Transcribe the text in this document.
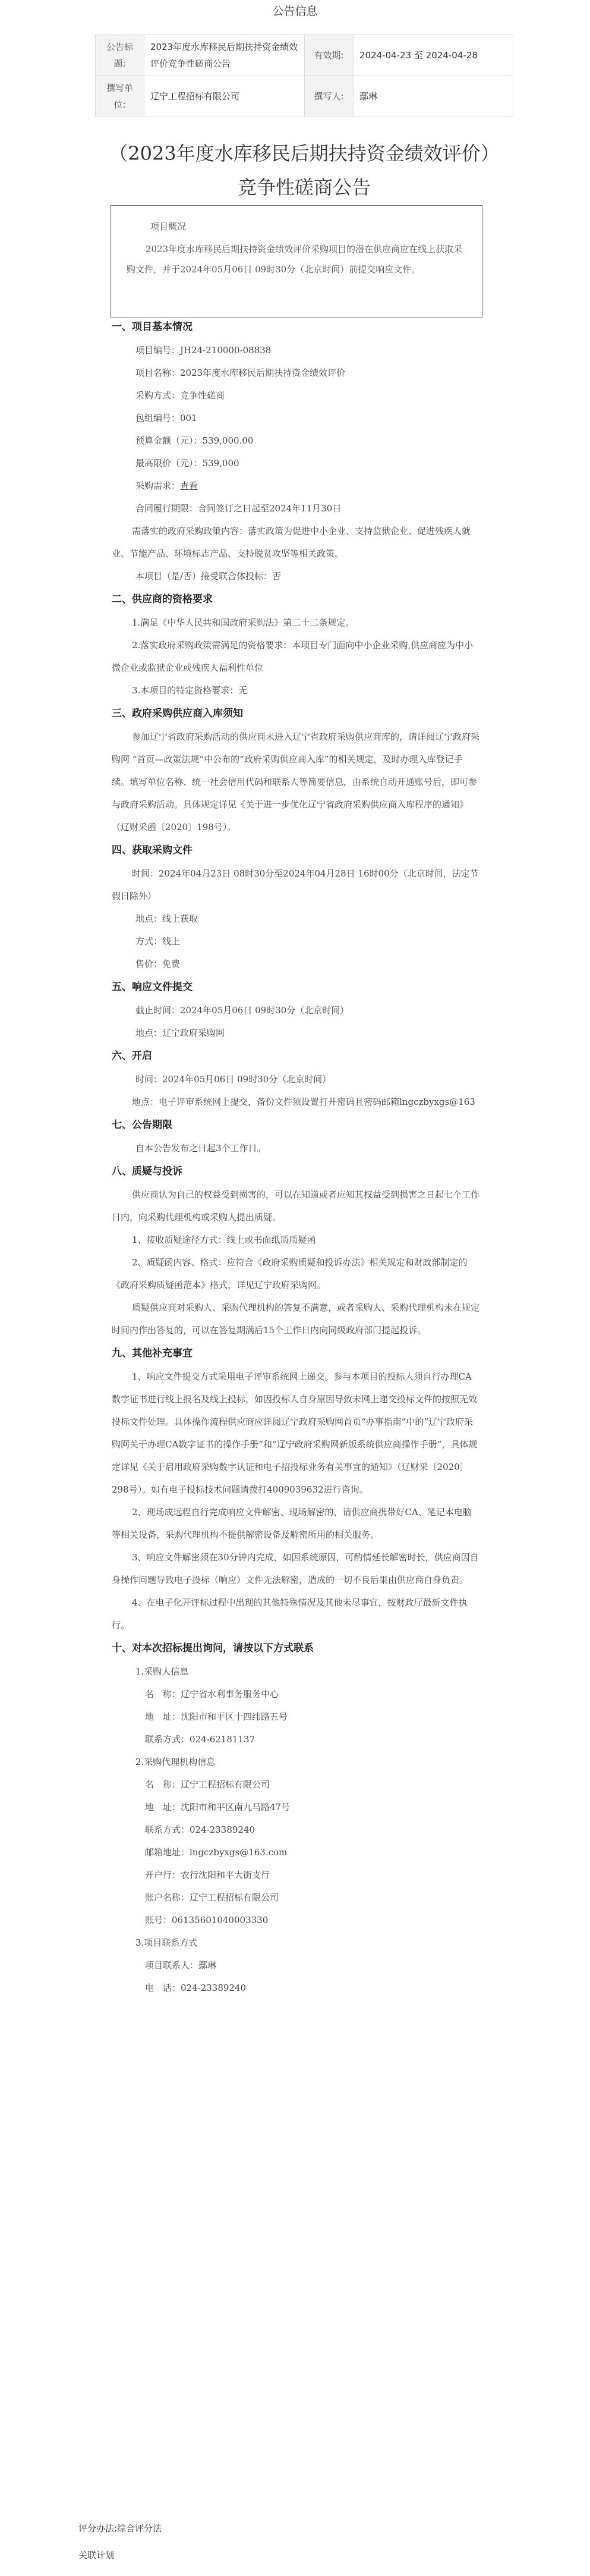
公告信息
公告标题:	2023年度水库移民后期扶持资金绩效评价竞争性磋商公告	有效期:	2024-04-23 至 2024-04-28
撰写单位:	辽宁工程招标有限公司	撰写人:	鄢琳
（2023年度水库移民后期扶持资金绩效评价）
竞争性磋商公告
项目概况
2023年度水库移民后期扶持资金绩效评价采购项目的潜在供应商应在线上获取采购文件，并于2024年05月06日 09时30分（北京时间）前提交响应文件。
一、项目基本情况
项目编号：JH24-210000-08838
项目名称：2023年度水库移民后期扶持资金绩效评价
采购方式：竞争性磋商
包组编号：001
预算金额（元）：539,000.00
最高限价（元）：539,000
采购需求：查看
合同履行期限：合同签订之日起至2024年11月30日
需落实的政府采购政策内容：落实政策为促进中小企业、支持监狱企业、促进残疾人就业、节能产品、环境标志产品、支持脱贫攻坚等相关政策。
本项目（是/否）接受联合体投标：否
二、供应商的资格要求
1.满足《中华人民共和国政府采购法》第二十二条规定。
2.落实政府采购政策需满足的资格要求：本项目专门面向中小企业采购,供应商应为中小微企业或监狱企业或残疾人福利性单位
3.本项目的特定资格要求：无
三、政府采购供应商入库须知
参加辽宁省政府采购活动的供应商未进入辽宁省政府采购供应商库的，请详阅辽宁政府采购网 “首页—政策法规”中公布的“政府采购供应商入库”的相关规定，及时办理入库登记手续。填写单位名称、统一社会信用代码和联系人等简要信息，由系统自动开通账号后，即可参与政府采购活动。具体规定详见《关于进一步优化辽宁省政府采购供应商入库程序的通知》（辽财采函〔2020〕198号）。
四、获取采购文件
时间：2024年04月23日 08时30分至2024年04月28日 16时00分（北京时间，法定节假日除外）
地点：线上获取
方式：线上
售价：免费
五、响应文件提交
截止时间：2024年05月06日 09时30分（北京时间）
地点：辽宁政府采购网
六、开启
时间：2024年05月06日 09时30分（北京时间）
地点：电子评审系统网上提交，备份文件须设置打开密码且密码邮箱lngczbyxgs@163
七、公告期限
自本公告发布之日起3个工作日。
八、质疑与投诉
供应商认为自己的权益受到损害的，可以在知道或者应知其权益受到损害之日起七个工作日内，向采购代理机构或采购人提出质疑。
1、接收质疑途径方式：线上或书面纸质质疑函
2、质疑函内容、格式：应符合《政府采购质疑和投诉办法》相关规定和财政部制定的《政府采购质疑函范本》格式，详见辽宁政府采购网。
质疑供应商对采购人、采购代理机构的答复不满意，或者采购人、采购代理机构未在规定时间内作出答复的，可以在答复期满后15个工作日内向同级政府部门提起投诉。
九、其他补充事宜
1、响应文件提交方式采用电子评审系统网上递交。参与本项目的投标人须自行办理CA数字证书进行线上报名及线上投标，如因投标人自身原因导致未网上递交投标文件的按照无效投标文件处理。具体操作流程供应商应详阅辽宁政府采购网首页“办事指南”中的“辽宁政府采购网关于办理CA数字证书的操作手册”和“辽宁政府采购网新版系统供应商操作手册”，具体规定详见《关于启用政府采购数字认证和电子招投标业务有关事宜的通知》（辽财采〔2020〕298号）。如有电子投标技术问题请拨打4009039632进行咨询。
2、现场成远程自行完成响应文件解密、现场解密的，请供应商携带好CA、笔记本电脑等相关设备，采购代理机构不提供解密设备及解密所用的相关服务。
3、响应文件解密须在30分钟内完成，如因系统原因，可酌情延长解密时长，供应商因自身操作问题导致电子投标（响应）文件无法解密，造成的一切不良后果由供应商自身负责。
4、在电子化开评标过程中出现的其他特殊情况及其他未尽事宜，按财政厅最新文件执行。
十、对本次招标提出询问，请按以下方式联系
1.采购人信息
名　称：辽宁省水利事务服务中心
地　址：沈阳市和平区十四纬路五号
联系方式：024-62181137
2.采购代理机构信息
名　称：辽宁工程招标有限公司
地　址：沈阳市和平区南九马路47号
联系方式：024-23389240
邮箱地址：lngczbyxgs@163.com
开户行：农行沈阳和平大街支行
账户名称：辽宁工程招标有限公司
账号：06135601040003330
3.项目联系方式
项目联系人：鄢琳
电　话：024-23389240
评分办法:综合评分法
关联计划
